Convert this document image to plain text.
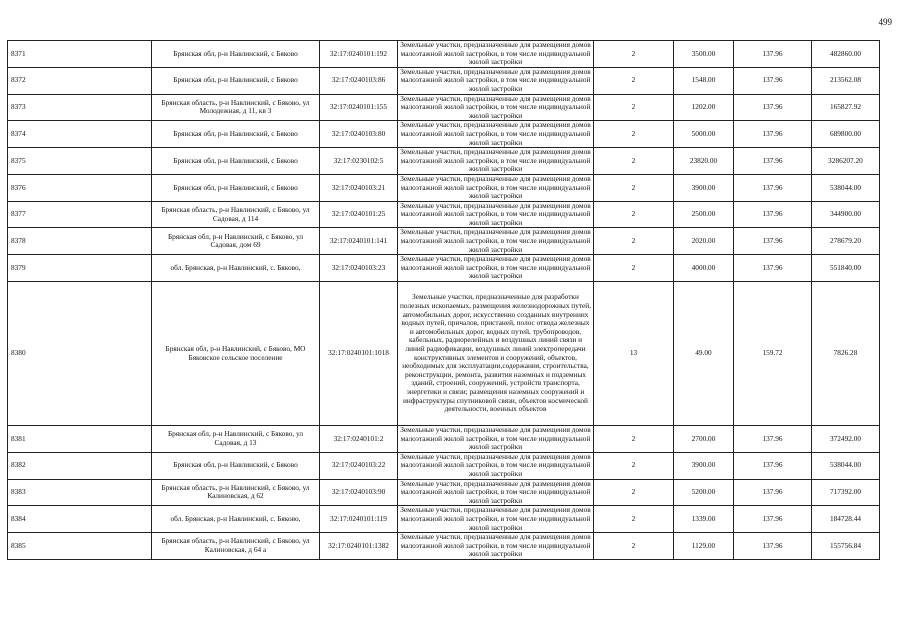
499
8371	Брянская обл, р-н Навлинский, с Бяково	32:17:0240101:192	Земельные участки, предназначенные для размещения домов малоэтажной жилой застройки, в том числе индивидуальной жилой застройки	2	3500.00	137.96	482860.00
8372	Брянская обл, р-н Навлинский, с Бяково	32:17:0240103:86	Земельные участки, предназначенные для размещения домов малоэтажной жилой застройки, в том числе индивидуальной жилой застройки	2	1548.00	137.96	213562.08
8373	Брянская область, р-н Навлинский, с Бяково, ул Молодежная, д 11, кв 3	32:17:0240101:155	Земельные участки, предназначенные для размещения домов малоэтажной жилой застройки, в том числе индивидуальной жилой застройки	2	1202.00	137.96	165827.92
8374	Брянская обл, р-н Навлинский, с Бяково	32:17:0240103:80	Земельные участки, предназначенные для размещения домов малоэтажной жилой застройки, в том числе индивидуальной жилой застройки	2	5000.00	137.96	689800.00
8375	Брянская обл, р-н Навлинский, с Бяково	32:17:0230102:5	Земельные участки, предназначенные для размещения домов малоэтажной жилой застройки, в том числе индивидуальной жилой застройки	2	23820.00	137.96	3286207.20
8376	Брянская обл, р-н Навлинский, с Бяково	32:17:0240103:21	Земельные участки, предназначенные для размещения домов малоэтажной жилой застройки, в том числе индивидуальной жилой застройки	2	3900.00	137.96	538044.00
8377	Брянская область, р-н Навлинский, с Бяково, ул Садовая, д 114	32:17:0240101:25	Земельные участки, предназначенные для размещения домов малоэтажной жилой застройки, в том числе индивидуальной жилой застройки	2	2500.00	137.96	344900.00
8378	Брянская обл, р-н Навлинский, с Бяково, ул Садовая, дом 69	32:17:0240101:141	Земельные участки, предназначенные для размещения домов малоэтажной жилой застройки, в том числе индивидуальной жилой застройки	2	2020.00	137.96	278679.20
8379	обл. Брянская, р-н Навлинский, с. Бяково,	32:17:0240103:23	Земельные участки, предназначенные для размещения домов малоэтажной жилой застройки, в том числе индивидуальной жилой застройки	2	4000.00	137.96	551840.00
8380	Брянская обл, р-н Навлинский, с Бяково, МО Бяковское сельское поселение	32:17:0240101:1018	Земельные участки, предназначенные для разработки полезных ископаемых, размещения железнодорожных путей, автомобильных дорог, искусственно созданных внутренних водных путей, причалов, пристаней, полос отвода железных и автомобильных дорог, водных путей, трубопроводов, кабельных, радиорелейных и воздушных линий связи и линий радиофикации, воздушных линий электропередачи конструктивных элементов и сооружений, объектов, необходимых для эксплуатации,содержания, строительства, реконструкции, ремонта, развития наземных и подземных зданий, строений, сооружений, устройств транспорта, энергетики и связи; размещения наземных сооружений и инфраструктуры спутниковой связи, объектов космической деятельности, военных объектов	13	49.00	159.72	7826.28
8381	Брянская обл, р-н Навлинский, с Бяково, ул Садовая, д 13	32:17:0240101:2	Земельные участки, предназначенные для размещения домов малоэтажной жилой застройки, в том числе индивидуальной жилой застройки	2	2700.00	137.96	372492.00
8382	Брянская обл, р-н Навлинский, с Бяково	32:17:0240103:22	Земельные участки, предназначенные для размещения домов малоэтажной жилой застройки, в том числе индивидуальной жилой застройки	2	3900.00	137.96	538044.00
8383	Брянская область, р-н Навлинский, с Бяково, ул Калиновская, д 62	32:17:0240103:90	Земельные участки, предназначенные для размещения домов малоэтажной жилой застройки, в том числе индивидуальной жилой застройки	2	5200.00	137.96	717392.00
8384	обл. Брянская, р-н Навлинский, с. Бяково,	32:17:0240101:119	Земельные участки, предназначенные для размещения домов малоэтажной жилой застройки, в том числе индивидуальной жилой застройки	2	1339.00	137.96	184728.44
8385	Брянская область, р-н Навлинский, с Бяково, ул Калиновская, д 64 а	32:17:0240101:1382	Земельные участки, предназначенные для размещения домов малоэтажной жилой застройки, в том числе индивидуальной жилой застройки	2	1129.00	137.96	155756.84
